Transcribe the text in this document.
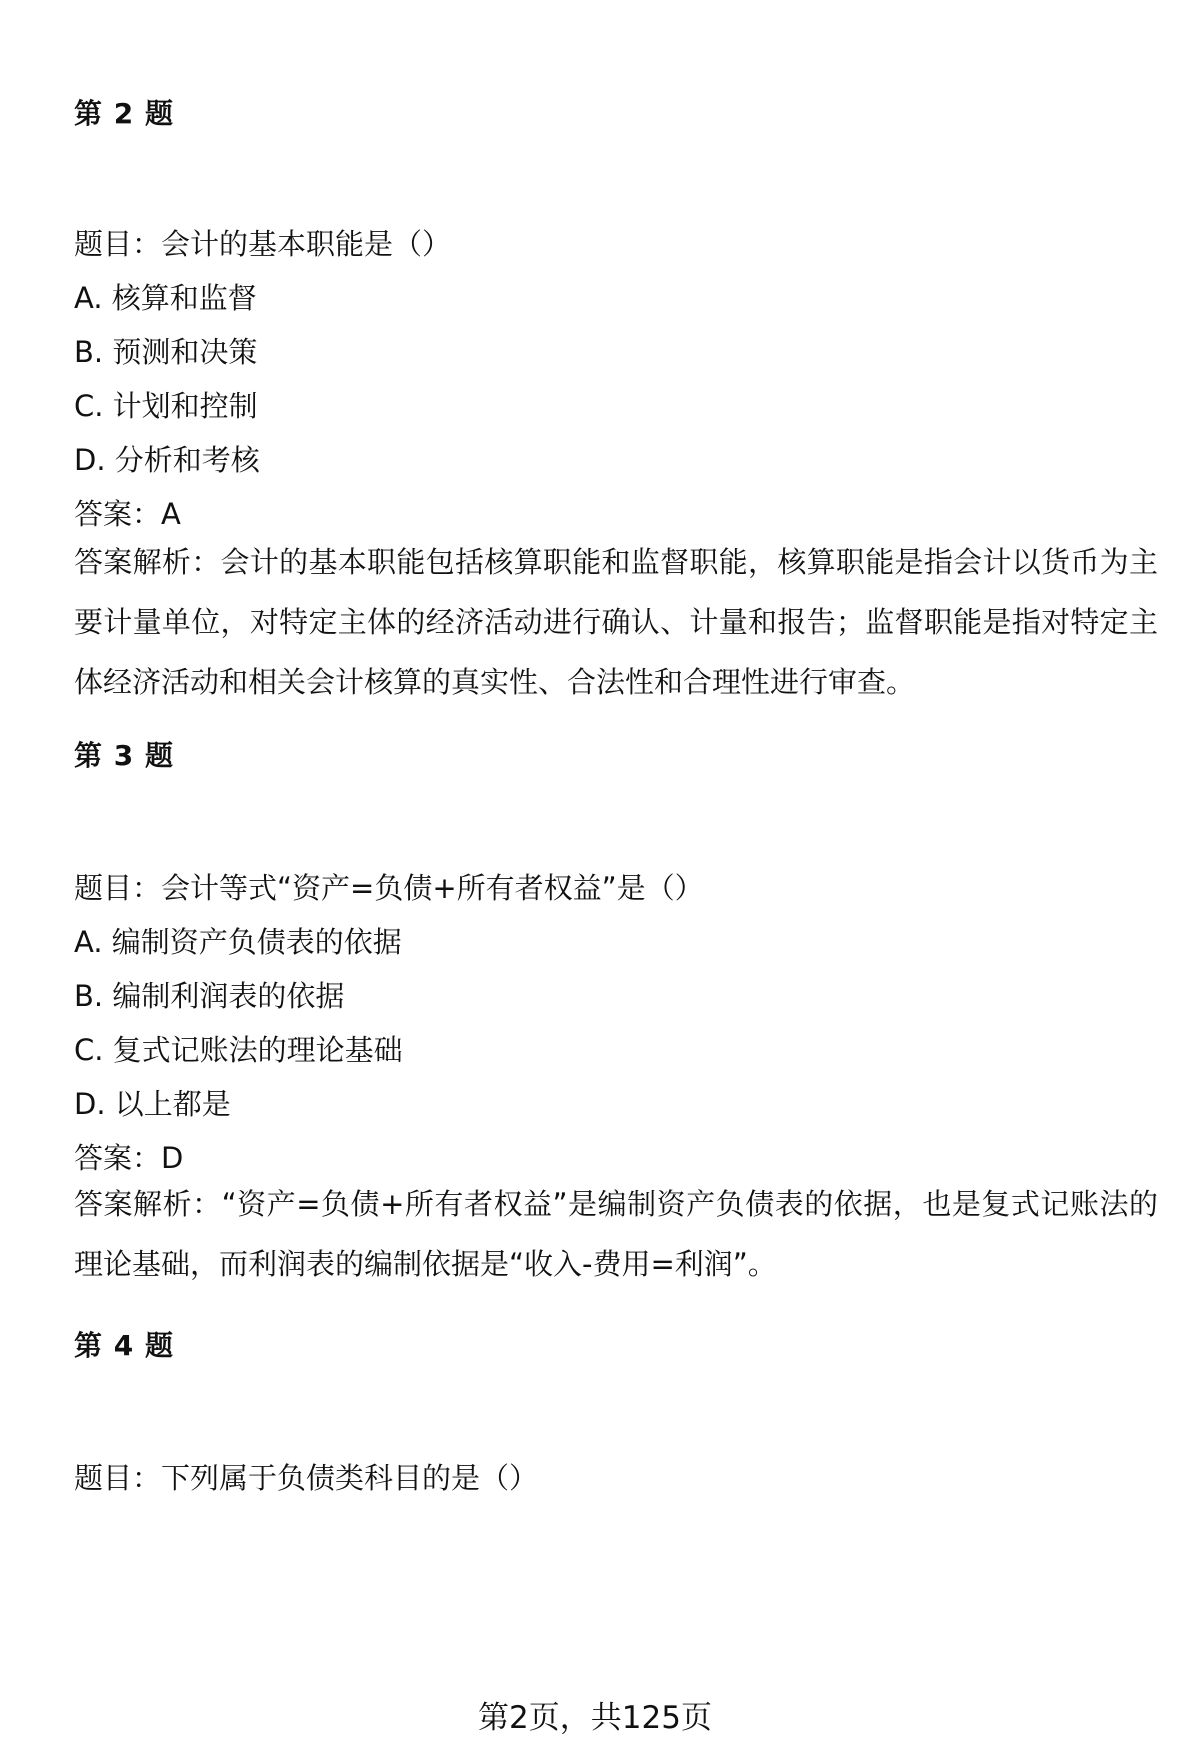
第 2 题
题目：会计的基本职能是（）
A. 核算和监督
B. 预测和决策
C. 计划和控制
D. 分析和考核
答案：A
答案解析：会计的基本职能包括核算职能和监督职能，核算职能是指会计以货币为主要计量单位，对特定主体的经济活动进行确认、计量和报告；监督职能是指对特定主体经济活动和相关会计核算的真实性、合法性和合理性进行审查。
第 3 题
题目：会计等式“资产=负债+所有者权益”是（）
A. 编制资产负债表的依据
B. 编制利润表的依据
C. 复式记账法的理论基础
D. 以上都是
答案：D
答案解析：“资产=负债+所有者权益”是编制资产负债表的依据，也是复式记账法的理论基础，而利润表的编制依据是“收入-费用=利润”。
第 4 题
题目：下列属于负债类科目的是（）
第2页，共125页
